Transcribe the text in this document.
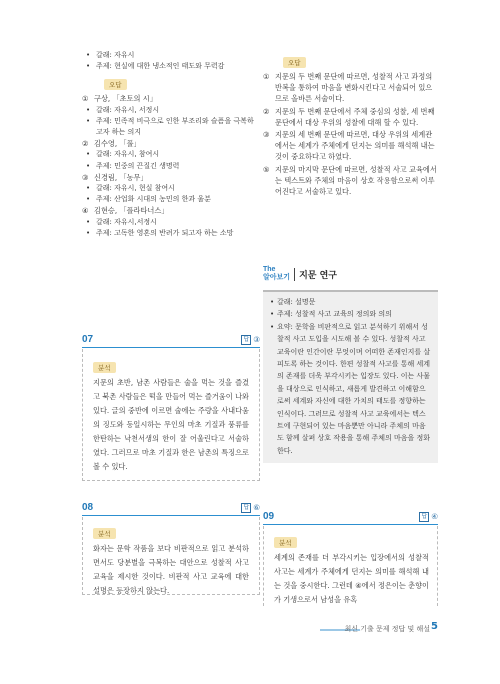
• 갈래: 자유시
• 주제: 현실에 대한 냉소적인 태도와 무력감
오답
① 구상, 「초토의 시」
• 갈래: 자유시, 서정시
• 주제: 민족적 비극으로 인한 부조리와 슬픔을 극복하고자 하는 의지
② 김수영, 「풀」
• 갈래: 자유시, 참여시
• 주제: 민중의 끈질긴 생명력
③ 신경림, 「농무」
• 갈래: 자유시, 현실 참여시
• 주제: 산업화 시대의 농민의 한과 울분
④ 김현승, 「플라타너스」
• 갈래: 자유시,서정시
• 주제: 고독한 영혼의 반려가 되고자 하는 소망
07	답 ③
분석
지문의 초반, 남촌 사람들은 술을 먹는 것을 즐겼고 북촌 사람들은 떡을 만들어 먹는 즐거움이 나와 있다. 글의 중반에 이르면 술에는 주량을 사내다움의 징도와 동일시하는 무인의 마초 기질과 풍류를 한탄하는 낙천서생의 한이 잘 어울린다고 서술하였다. 그러므로 마초 기질과 한은 남촌의 특징으로 볼 수 있다.
08	답 ⑥
분석
화자는 문학 작품을 보다 비판적으로 읽고 분석하면서도 당분별을 극복하는 대안으로 성찰적 사고 교육을 제시한 것이다. 비판적 사고 교육에 대한 설명은 등장하지 않는다.
오답
① 지문의 두 번째 문단에 따르면, 성찰적 사고 과정의 반복을 통하여 마음을 변화시킨다고 서술되어 있으므로 올바른 서술이다.
② 지문의 두 번째 문단에서 주체 중심의 성찰, 세 번째 문단에서 대상 우위의 성찰에 대해 할 수 있다.
③ 지문의 세 번째 문단에 따르면, 대상 우위의 세계관에서는 세계가 주체에게 던지는 의미를 해석해 내는 것이 중요하다고 하였다.
⑤ 지문의 마지막 문단에 따르면, 성찰적 사고 교육에서는 텍스트와 주체의 마음이 상호 작용함으로써 이루어진다고 서술하고 있다.
The
알아보기	지문 연구
• 갈래: 설명문
• 주제: 성찰적 사고 교육의 정의와 의의
• 요약: 문학을 비판적으로 읽고 분석하기 위해서 성찰적 사고 도입을 시도해 볼 수 있다. 성찰적 사고 교육이란 인간이란 무엇이며 어떠한 존재인지를 살피도록 하는 것이다. 한편 성찰적 사고를 통해 세계의 존재를 더욱 부각시키는 입장도 있다. 이는 사물을 대상으로 인식하고, 새롭게 발견하고 이해함으로써 세계와 자신에 대한 가치의 태도를 정향하는 인식이다. 그러므로 성찰적 사고 교육에서는 텍스트에 구현되어 있는 마음뿐만 아니라 주체의 마음도 함께 살펴 상호 작용을 통해 주체의 마음을 정화한다.
09	답 ④
분석
세계의 존재를 더 부각시키는 입장에서의 성찰적 사고는 세계가 주체에게 던지는 의미를 해석해 내는 것을 중시한다. 그런데 ④에서 정은이는 춘향이가 기생으로서 남성을 유혹
최신 기출 문제 정답 및 해설 5
